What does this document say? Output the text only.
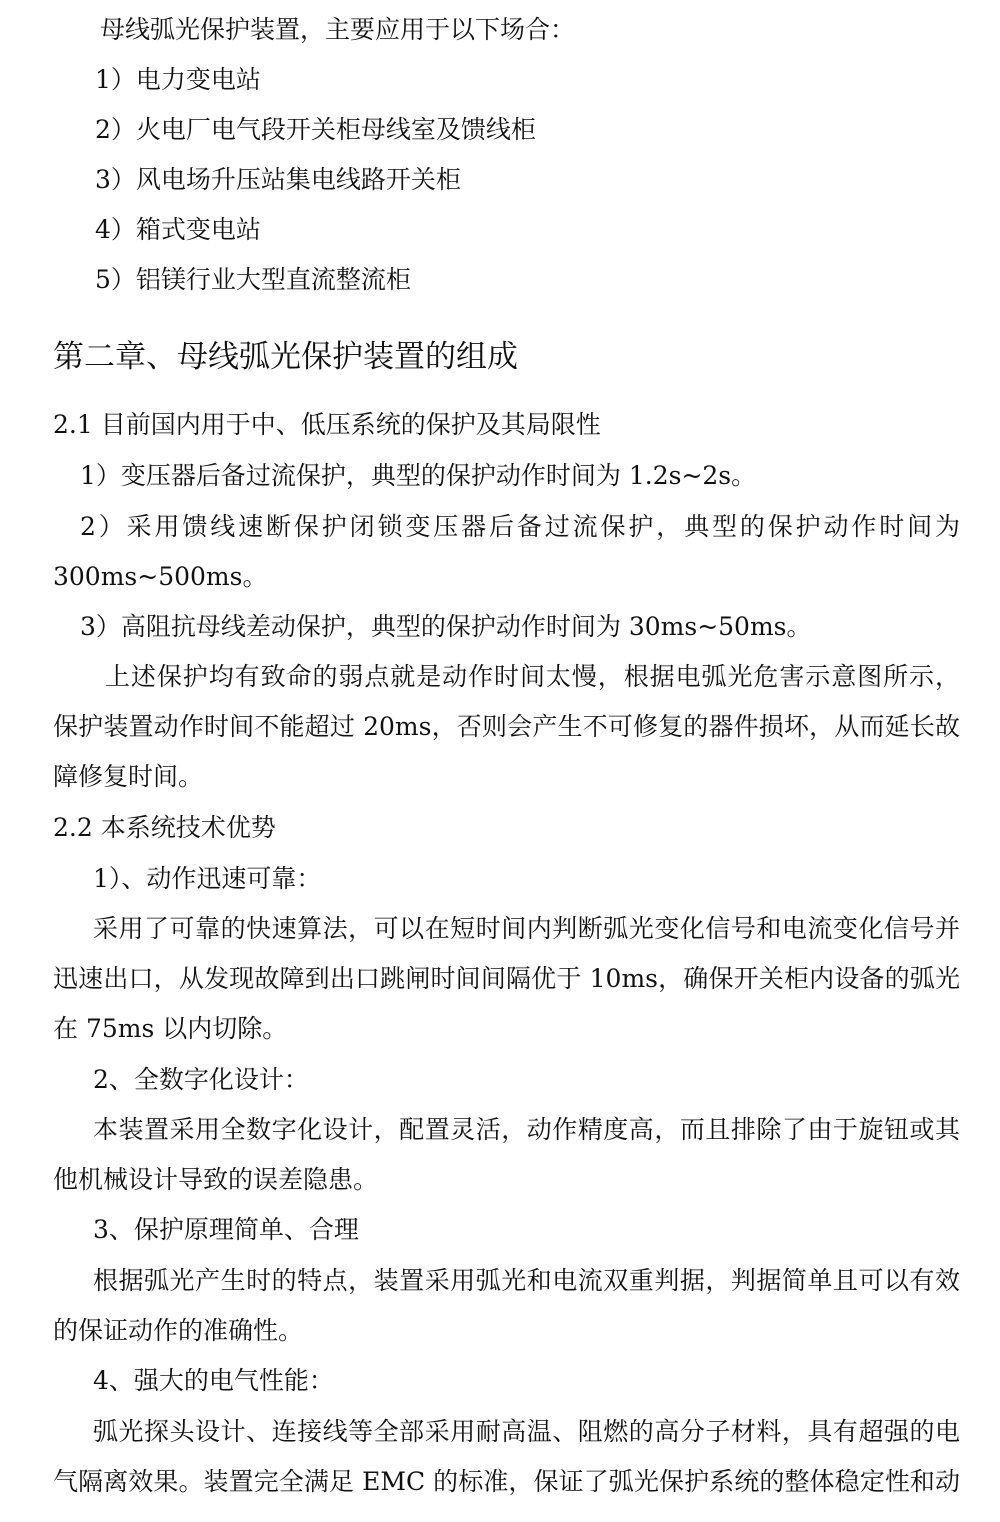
母线弧光保护装置，主要应用于以下场合：
1）电力变电站
2）火电厂电气段开关柜母线室及馈线柜
3）风电场升压站集电线路开关柜
4）箱式变电站
5）铝镁行业大型直流整流柜
第二章、母线弧光保护装置的组成
2.1 目前国内用于中、低压系统的保护及其局限性
1）变压器后备过流保护，典型的保护动作时间为 1.2s~2s。
2）采用馈线速断保护闭锁变压器后备过流保护，典型的保护动作时间为
300ms~500ms。
3）高阻抗母线差动保护，典型的保护动作时间为 30ms~50ms。
上述保护均有致命的弱点就是动作时间太慢，根据电弧光危害示意图所示，
保护装置动作时间不能超过 20ms，否则会产生不可修复的器件损坏，从而延长故
障修复时间。
2.2 本系统技术优势
1）、动作迅速可靠：
采用了可靠的快速算法，可以在短时间内判断弧光变化信号和电流变化信号并
迅速出口，从发现故障到出口跳闸时间间隔优于 10ms，确保开关柜内设备的弧光
在 75ms 以内切除。
2、全数字化设计：
本装置采用全数字化设计，配置灵活，动作精度高，而且排除了由于旋钮或其
他机械设计导致的误差隐患。
3、保护原理简单、合理
根据弧光产生时的特点，装置采用弧光和电流双重判据，判据简单且可以有效
的保证动作的准确性。
4、强大的电气性能：
弧光探头设计、连接线等全部采用耐高温、阻燃的高分子材料，具有超强的电
气隔离效果。装置完全满足 EMC 的标准，保证了弧光保护系统的整体稳定性和动
